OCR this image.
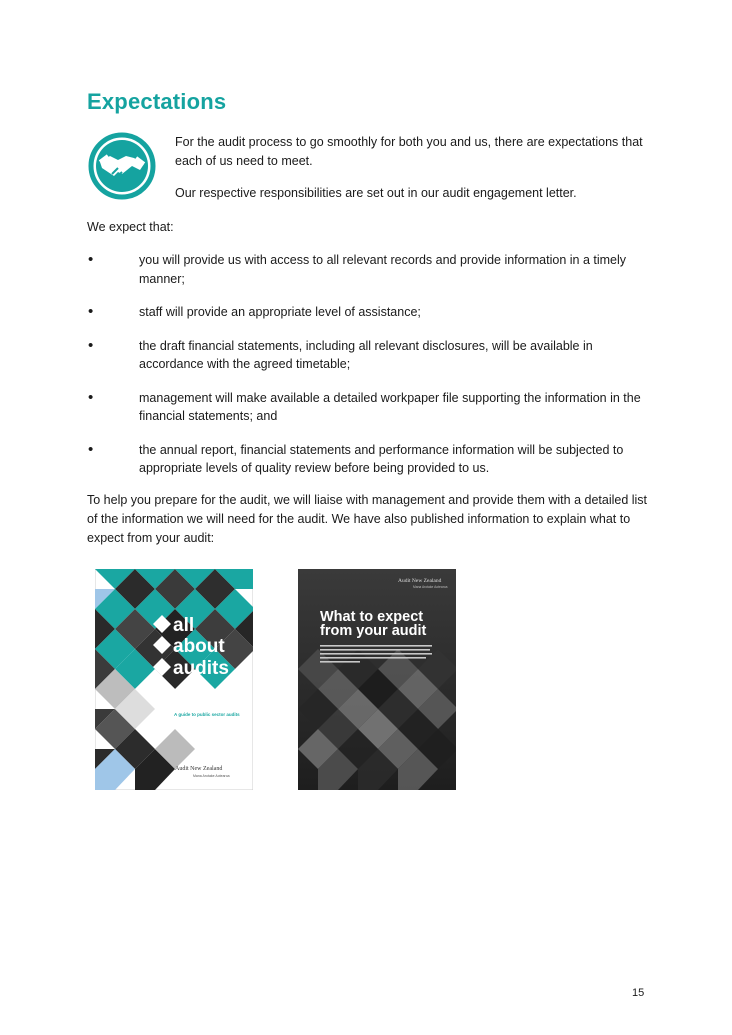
Expectations

For the audit process to go smoothly for both you and us, there are expectations that each of us need to meet.

Our respective responsibilities are set out in our audit engagement letter.

We expect that:

• you will provide us with access to all relevant records and provide information in a timely manner;
• staff will provide an appropriate level of assistance;
• the draft financial statements, including all relevant disclosures, will be available in accordance with the agreed timetable;
• management will make available a detailed workpaper file supporting the information in the financial statements; and
• the annual report, financial statements and performance information will be subjected to appropriate levels of quality review before being provided to us.

To help you prepare for the audit, we will liaise with management and provide them with a detailed list of the information we will need for the audit. We have also published information to explain what to expect from your audit:

all
about
audits
A guide to public sector audits
Audit New Zealand
Mana Arotake Aotearoa
Audit New Zealand
Mana Arotake Aotearoa
What to expect
from your audit
15
